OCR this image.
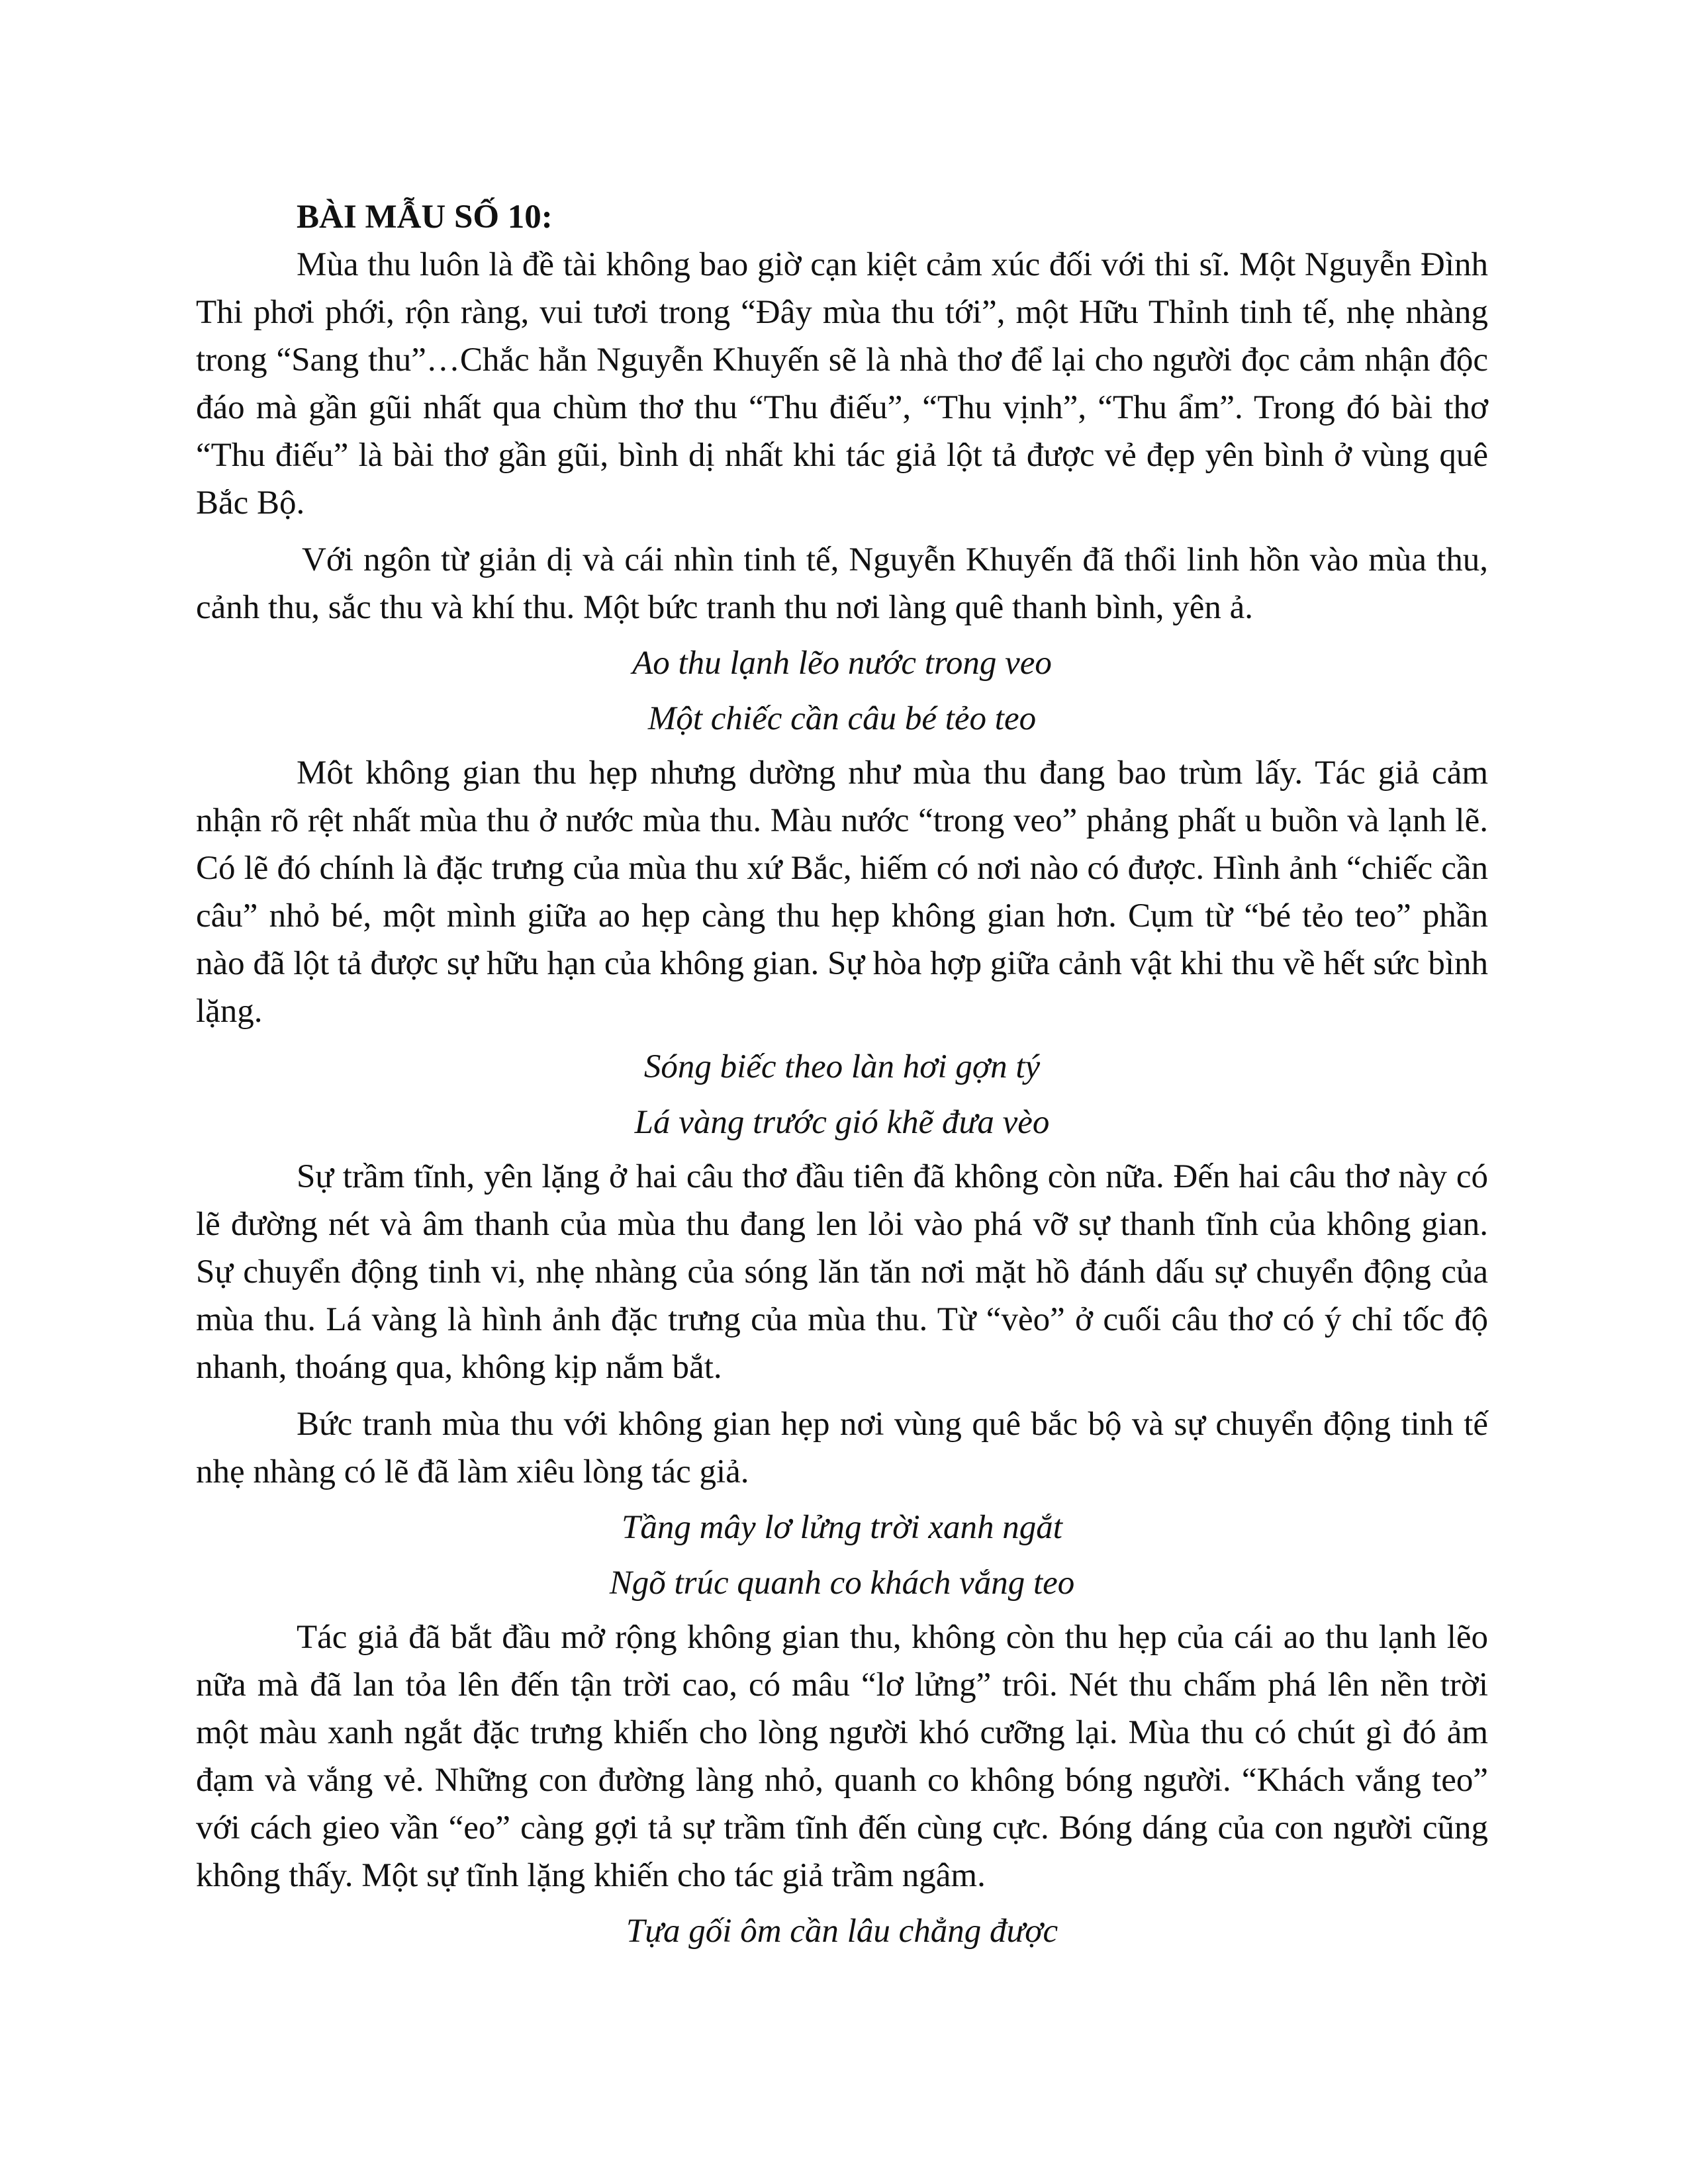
BÀI MẪU SỐ 10:

Mùa thu luôn là đề tài không bao giờ cạn kiệt cảm xúc đối với thi sĩ. Một Nguyễn Đình Thi phơi phới, rộn ràng, vui tươi trong “Đây mùa thu tới”, một Hữu Thỉnh tinh tế, nhẹ nhàng trong “Sang thu”…Chắc hẳn Nguyễn Khuyến sẽ là nhà thơ để lại cho người đọc cảm nhận độc đáo mà gần gũi nhất qua chùm thơ thu “Thu điếu”, “Thu vịnh”, “Thu ẩm”. Trong đó bài thơ “Thu điếu” là bài thơ gần gũi, bình dị nhất khi tác giả lột tả được vẻ đẹp yên bình ở vùng quê Bắc Bộ.

Với ngôn từ giản dị và cái nhìn tinh tế, Nguyễn Khuyến đã thổi linh hồn vào mùa thu, cảnh thu, sắc thu và khí thu. Một bức tranh thu nơi làng quê thanh bình, yên ả.

Ao thu lạnh lẽo nước trong veo

Một chiếc cần câu bé tẻo teo

Môt không gian thu hẹp nhưng dường như mùa thu đang bao trùm lấy. Tác giả cảm nhận rõ rệt nhất mùa thu ở nước mùa thu. Màu nước “trong veo” phảng phất u buồn và lạnh lẽ. Có lẽ đó chính là đặc trưng của mùa thu xứ Bắc, hiếm có nơi nào có được. Hình ảnh “chiếc cần câu” nhỏ bé, một mình giữa ao hẹp càng thu hẹp không gian hơn. Cụm từ “bé tẻo teo” phần nào đã lột tả được sự hữu hạn của không gian. Sự hòa hợp giữa cảnh vật khi thu về hết sức bình lặng.

Sóng biếc theo làn hơi gợn tý

Lá vàng trước gió khẽ đưa vèo

Sự trầm tĩnh, yên lặng ở hai câu thơ đầu tiên đã không còn nữa. Đến hai câu thơ này có lẽ đường nét và âm thanh của mùa thu đang len lỏi vào phá vỡ sự thanh tĩnh của không gian. Sự chuyển động tinh vi, nhẹ nhàng của sóng lăn tăn nơi mặt hồ đánh dấu sự chuyển động của mùa thu. Lá vàng là hình ảnh đặc trưng của mùa thu. Từ “vèo” ở cuối câu thơ có ý chỉ tốc độ nhanh, thoáng qua, không kịp nắm bắt.

Bức tranh mùa thu với không gian hẹp nơi vùng quê bắc bộ và sự chuyển động tinh tế nhẹ nhàng có lẽ đã làm xiêu lòng tác giả.

Tầng mây lơ lửng trời xanh ngắt

Ngõ trúc quanh co khách vắng teo

Tác giả đã bắt đầu mở rộng không gian thu, không còn thu hẹp của cái ao thu lạnh lẽo nữa mà đã lan tỏa lên đến tận trời cao, có mâu “lơ lửng” trôi. Nét thu chấm phá lên nền trời một màu xanh ngắt đặc trưng khiến cho lòng người khó cưỡng lại. Mùa thu có chút gì đó ảm đạm và vắng vẻ. Những con đường làng nhỏ, quanh co không bóng người. “Khách vắng teo” với cách gieo vần “eo” càng gợi tả sự trầm tĩnh đến cùng cực. Bóng dáng của con người cũng không thấy. Một sự tĩnh lặng khiến cho tác giả trầm ngâm.

Tựa gối ôm cần lâu chẳng được
